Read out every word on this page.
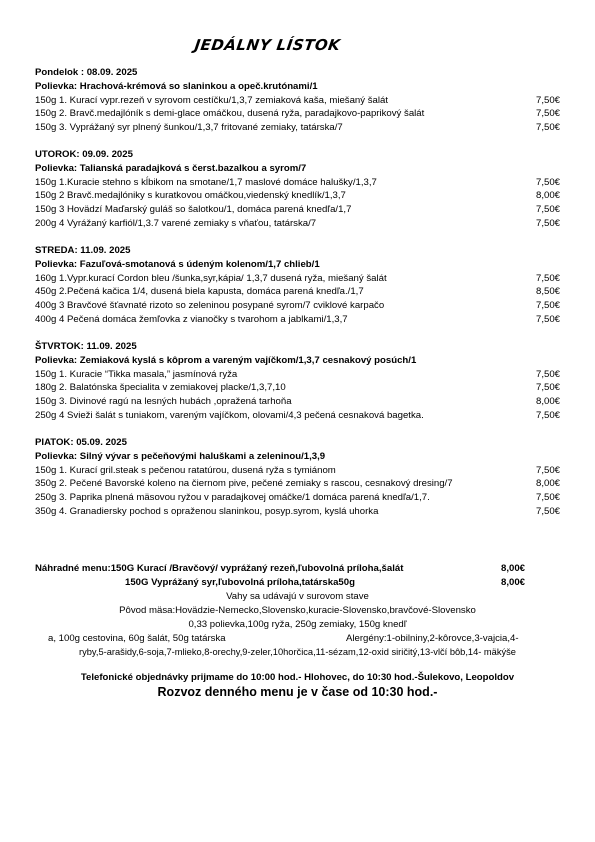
JEDÁLNY LÍSTOK
Pondelok : 08.09. 2025
Polievka: Hrachová-krémová so slaninkou a opeč.krutónami/1
150g 1. Kurací vypr.rezeň v syrovom cestíčku/1,3,7 zemiaková kaša, miešaný šalát	7,50€
150g 2. Bravč.medajlóník s demi-glace omáčkou, dusená ryža, paradajkovo-paprikový šalát	7,50€
150g 3. Vyprážaný syr plnený šunkou/1,3,7 fritované zemiaky, tatárska/7	7,50€
UTOROK: 09.09. 2025
Polievka: Talianská paradajková s čerst.bazalkou a syrom/7
150g 1.Kuracie stehno s kĺbikom na smotane/1,7 maslové domáce halušky/1,3,7	7,50€
150g 2 Bravč.medajlóniky s kuratkovou omáčkou,viedenský knedlík/1,3,7	8,00€
150g 3 Hovädzí Maďarský guláš so šalotkou/1, domáca parená knedľa/1,7	7,50€
200g 4 Vyrážaný karfiól/1,3.7 varené zemiaky s vňaťou, tatárska/7	7,50€
STREDA: 11.09. 2025
Polievka: Fazuľová-smotanová s údeným kolenom/1,7 chlieb/1
160g 1.Vypr.kurací Cordon bleu /šunka,syr,kápia/ 1,3,7 dusená ryža, miešaný šalát	7,50€
450g 2.Pečená kačica 1/4, dusená biela kapusta, domáca parená knedľa./1,7	8,50€
400g 3 Bravčové šťavnaté rizoto so zeleninou posypané syrom/7 cviklové karpačo	7,50€
400g 4 Pečená domáca žemľovka z vianočky s tvarohom a jablkami/1,3,7	7,50€
ŠTVRTOK: 11.09. 2025
Polievka: Zemiaková kyslá s kôprom a vareným vajíčkom/1,3,7 cesnakový posúch/1
150g 1. Kuracie “Tikka masala,” jasmínová ryža	7,50€
180g 2. Balatónska špecialita v zemiakovej placke/1,3,7,10	7,50€
150g 3. Divinové ragú na lesných hubách ,opražená tarhoňa	8,00€
250g 4 Svieži šalát s tuniakom, vareným vajíčkom, olovami/4,3 pečená cesnaková bagetka.	7,50€
PIATOK: 05.09. 2025
Polievka: Silný vývar s pečeňovými haluškami a zeleninou/1,3,9
150g 1. Kurací gril.steak s pečenou ratatúrou, dusená ryža s tymiánom	7,50€
350g 2. Pečené Bavorské koleno na čiernom pive, pečené zemiaky s rascou, cesnakový dresing/7	8,00€
250g 3. Paprika plnená mäsovou ryžou v paradajkovej omáčke/1 domáca parená knedľa/1,7.	7,50€
350g 4. Granadiersky pochod s opraženou slaninkou, posyp.syrom, kyslá uhorka	7,50€
Náhradné menu:150G Kurací /Bravčový/ vyprážaný rezeň,ľubovolná príloha,šalát	8,00€
150G Vyprážaný syr,ľubovolná príloha,tatárska50g	8,00€
Vahy sa udávajú v surovom stave
Pôvod mäsa:Hovädzie-Nemecko,Slovensko,kuracie-Slovensko,bravčové-Slovensko
0,33 polievka,100g ryža, 250g zemiaky, 150g knedľ
a, 100g cestovina, 60g šalát, 50g tatárska	Alergény:1-obilniny,2-kôrovce,3-vajcia,4-
ryby,5-arašidy,6-soja,7-mlieko,8-orechy,9-zeler,10horčica,11-sézam,12-oxid siričitý,13-vlčí bôb,14- mäkýše
Telefonické objednávky prijmame do 10:00 hod.- Hlohovec, do 10:30 hod.-Šulekovo, Leopoldov
Rozvoz denného menu je v čase od 10:30 hod.-
